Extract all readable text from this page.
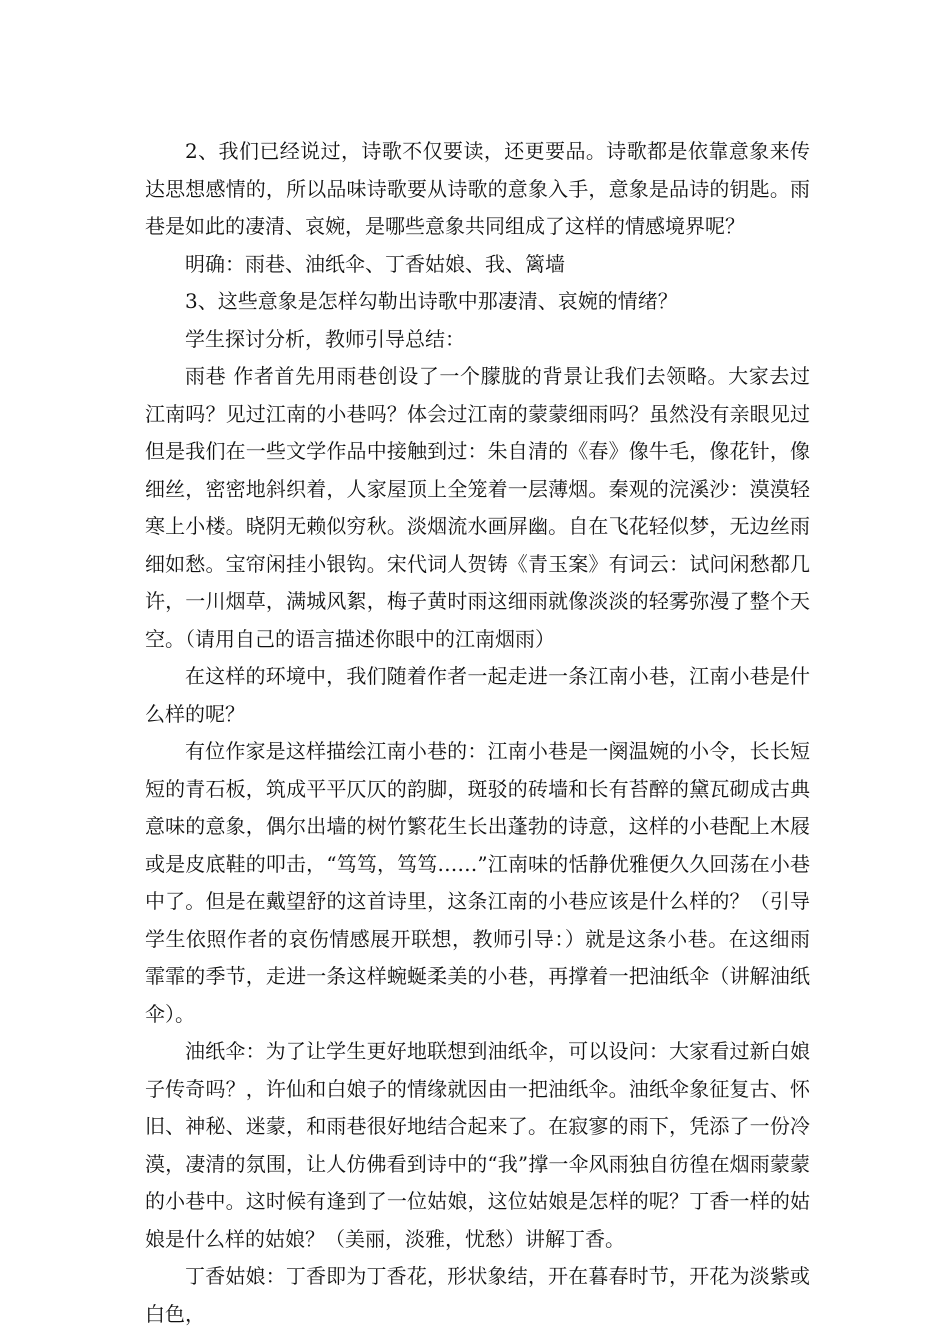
2、我们已经说过，诗歌不仅要读，还更要品。诗歌都是依靠意象来传达思想感情的，所以品味诗歌要从诗歌的意象入手，意象是品诗的钥匙。雨巷是如此的凄清、哀婉，是哪些意象共同组成了这样的情感境界呢？

明确：雨巷、油纸伞、丁香姑娘、我、篱墙

3、这些意象是怎样勾勒出诗歌中那凄清、哀婉的情绪？

学生探讨分析，教师引导总结：

雨巷 作者首先用雨巷创设了一个朦胧的背景让我们去领略。大家去过江南吗？见过江南的小巷吗？体会过江南的蒙蒙细雨吗？虽然没有亲眼见过但是我们在一些文学作品中接触到过：朱自清的《春》像牛毛，像花针，像细丝，密密地斜织着，人家屋顶上全笼着一层薄烟。秦观的浣溪沙：漠漠轻寒上小楼。晓阴无赖似穷秋。淡烟流水画屏幽。自在飞花轻似梦，无边丝雨细如愁。宝帘闲挂小银钩。宋代词人贺铸《青玉案》有词云：试问闲愁都几许，一川烟草，满城风絮，梅子黄时雨这细雨就像淡淡的轻雾弥漫了整个天空。（请用自己的语言描述你眼中的江南烟雨）

在这样的环境中，我们随着作者一起走进一条江南小巷，江南小巷是什么样的呢？

有位作家是这样描绘江南小巷的：江南小巷是一阕温婉的小令，长长短短的青石板，筑成平平仄仄的韵脚，斑驳的砖墙和长有苔醉的黛瓦砌成古典意味的意象，偶尔出墙的树竹繁花生长出蓬勃的诗意，这样的小巷配上木屐或是皮底鞋的叩击，“笃笃，笃笃……”江南味的恬静优雅便久久回荡在小巷中了。但是在戴望舒的这首诗里，这条江南的小巷应该是什么样的？（引导学生依照作者的哀伤情感展开联想，教师引导：）就是这条小巷。在这细雨霏霏的季节，走进一条这样蜿蜒柔美的小巷，再撑着一把油纸伞（讲解油纸伞）。

油纸伞：为了让学生更好地联想到油纸伞，可以设问：大家看过新白娘子传奇吗？，许仙和白娘子的情缘就因由一把油纸伞。油纸伞象征复古、怀旧、神秘、迷蒙，和雨巷很好地结合起来了。在寂寥的雨下，凭添了一份冷漠，凄清的氛围，让人仿佛看到诗中的“我”撑一伞风雨独自彷徨在烟雨蒙蒙的小巷中。这时候有逢到了一位姑娘，这位姑娘是怎样的呢？丁香一样的姑娘是什么样的姑娘？（美丽，淡雅，忧愁）讲解丁香。

丁香姑娘：丁香即为丁香花，形状象结，开在暮春时节，开花为淡紫或白色，
